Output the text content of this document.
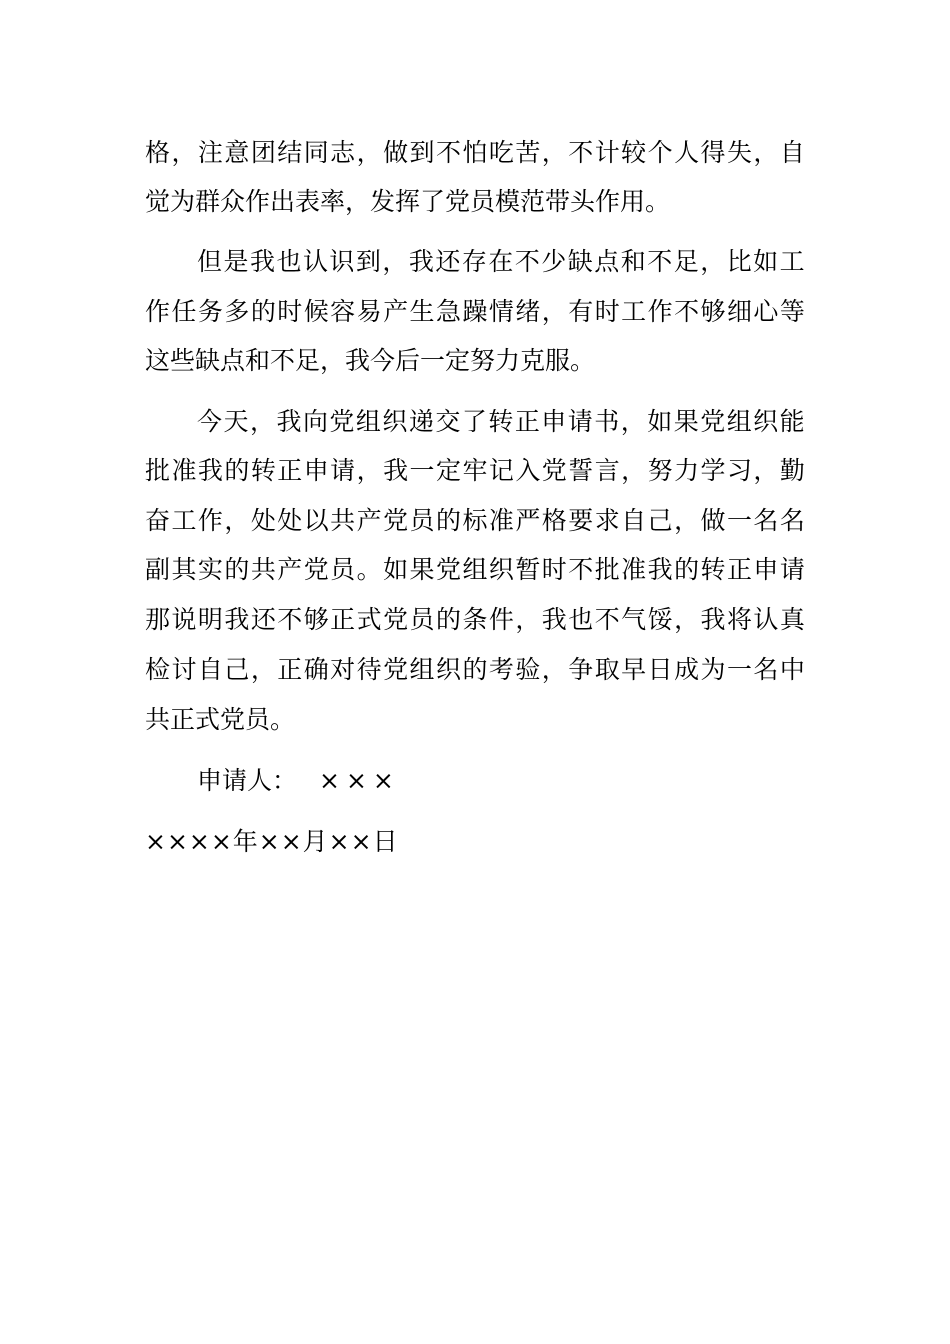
格 ， 注 意 团 结 同 志 ， 做 到 不 怕 吃 苦 ， 不 计 较 个 人 得 失 ， 自
觉为群众作出表率，发挥了党员模范带头作用。
但 是 我 也 认 识 到 ， 我 还 存 在 不 少 缺 点 和 不 足 ， 比 如 工
作 任 务 多 的 时 候 容 易 产 生 急 躁 情 绪 ， 有 时 工 作 不 够 细 心 等
这些缺点和不足，我今后一定努力克服。
今 天 ， 我 向 党 组 织 递 交 了 转 正 申 请 书 ， 如 果 党 组 织 能
批 准 我 的 转 正 申 请 ， 我 一 定 牢 记 入 党 誓 言 ， 努 力 学 习 ， 勤
奋 工 作 ， 处 处 以 共 产 党 员 的 标 准 严 格 要 求 自 己 ， 做 一 名 名
副 其 实 的 共 产 党 员 。 如 果 党 组 织 暂 时 不 批 准 我 的 转 正 申 请
那 说 明 我 还 不 够 正 式 党 员 的 条 件 ， 我 也 不 气 馁 ， 我 将 认 真
检 讨 自 己 ， 正 确 对 待 党 组 织 的 考 验 ， 争 取 早 日 成 为 一 名 中
共正式党员。
申请人： ×××
××××年××月××日
